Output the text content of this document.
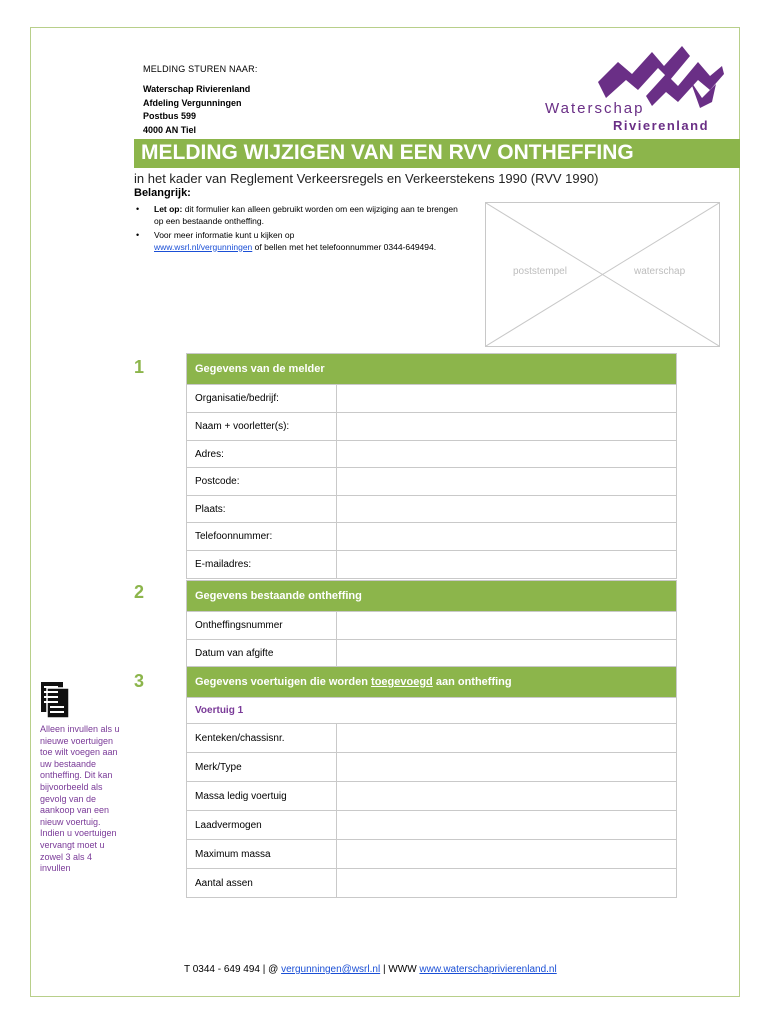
MELDING STUREN NAAR:
Waterschap Rivierenland
Afdeling Vergunningen
Postbus 599
4000 AN Tiel
Waterschap
Rivierenland
MELDING WIJZIGEN VAN EEN RVV ONTHEFFING
in het kader van Reglement Verkeersregels en Verkeerstekens 1990 (RVV 1990)
Belangrijk:
• Let op: dit formulier kan alleen gebruikt worden om een wijziging aan te brengen op een bestaande ontheffing.
• Voor meer informatie kunt u kijken op
www.wsrl.nl/vergunningen of bellen met het telefoonnummer 0344-649494.
poststempel	waterschap
1	Gegevens van de melder
Organisatie/bedrijf:
Naam + voorletter(s):
Adres:
Postcode:
Plaats:
Telefoonnummer:
E-mailadres:
2	Gegevens bestaande ontheffing
Ontheffingsnummer
Datum van afgifte
3	Gegevens voertuigen die worden toegevoegd aan ontheffing
Voertuig 1
Kenteken/chassisnr.
Merk/Type
Massa ledig voertuig
Laadvermogen
Maximum massa
Aantal assen
Alleen invullen als u nieuwe voertuigen toe wilt voegen aan uw bestaande ontheffing. Dit kan bijvoorbeeld als gevolg van de aankoop van een nieuw voertuig. Indien u voertuigen vervangt moet u zowel 3 als 4 invullen
T 0344 - 649 494 | @ vergunningen@wsrl.nl | WWW www.waterschaprivierenland.nl
